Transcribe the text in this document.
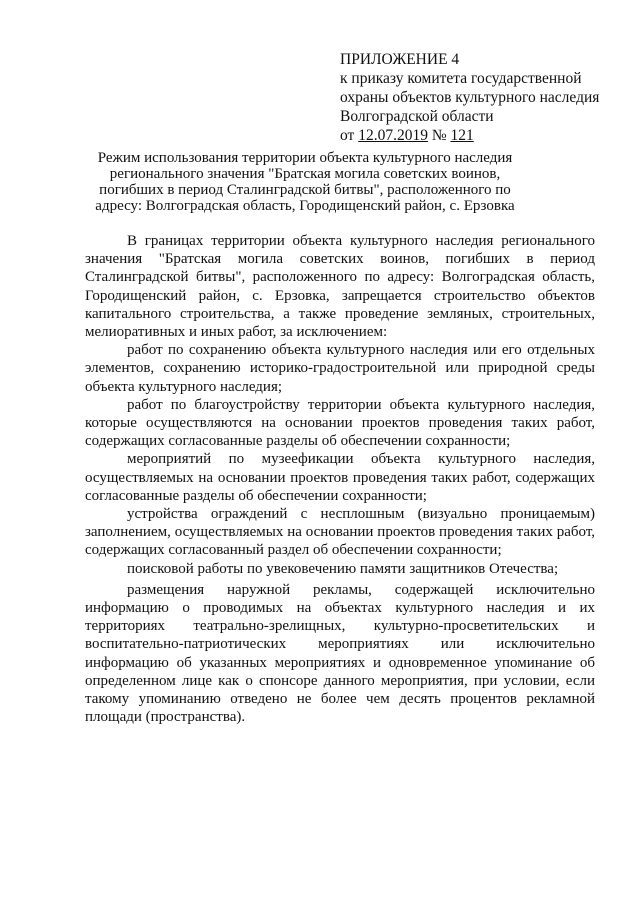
ПРИЛОЖЕНИЕ 4
к приказу комитета государственной
охраны объектов культурного наследия
Волгоградской области
от 12.07.2019 № 121
Режим использования территории объекта культурного наследия регионального значения "Братская могила советских воинов, погибших в период Сталинградской битвы", расположенного по адресу: Волгоградская область, Городищенский район, с. Ерзовка

В границах территории объекта культурного наследия регионального значения "Братская могила советских воинов, погибших в период Сталинградской битвы", расположенного по адресу: Волгоградская область, Городищенский район, с. Ерзовка, запрещается строительство объектов капитального строительства, а также проведение земляных, строительных, мелиоративных и иных работ, за исключением:

работ по сохранению объекта культурного наследия или его отдельных элементов, сохранению историко-градостроительной или природной среды объекта культурного наследия;

работ по благоустройству территории объекта культурного наследия, которые осуществляются на основании проектов проведения таких работ, содержащих согласованные разделы об обеспечении сохранности;

мероприятий по музеефикации объекта культурного наследия, осуществляемых на основании проектов проведения таких работ, содержащих согласованные разделы об обеспечении сохранности;

устройства ограждений с несплошным (визуально проницаемым) заполнением, осуществляемых на основании проектов проведения таких работ, содержащих согласованный раздел об обеспечении сохранности;

поисковой работы по увековечению памяти защитников Отечества;

размещения наружной рекламы, содержащей исключительно информацию о проводимых на объектах культурного наследия и их территориях театрально-зрелищных, культурно-просветительских и воспитательно-патриотических мероприятиях или исключительно информацию об указанных мероприятиях и одновременное упоминание об определенном лице как о спонсоре данного мероприятия, при условии, если такому упоминанию отведено не более чем десять процентов рекламной площади (пространства).
